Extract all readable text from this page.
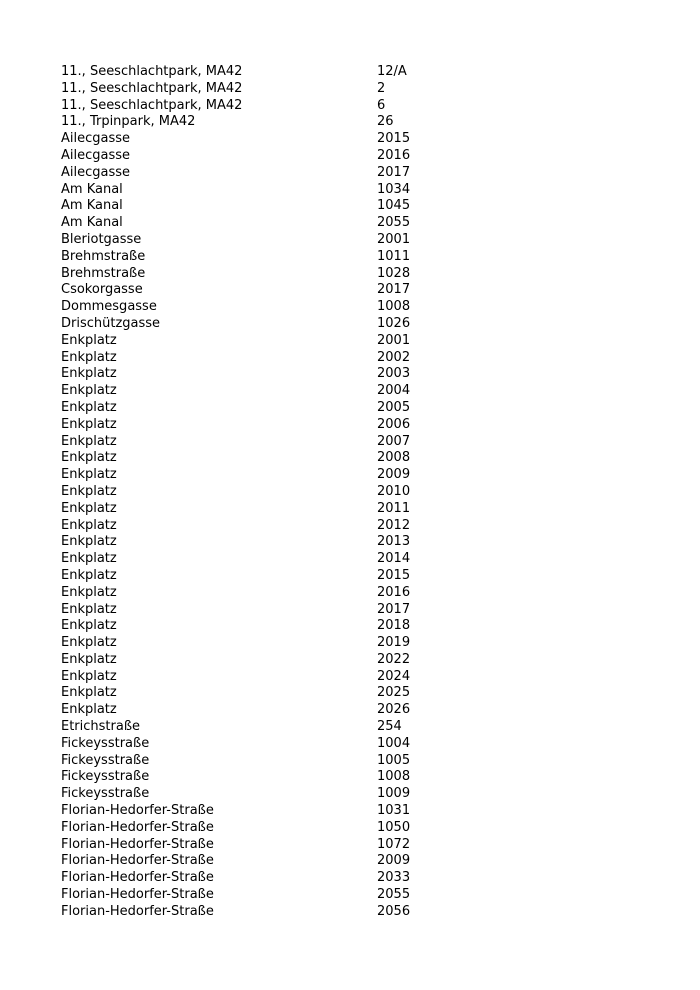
11., Seeschlachtpark, MA42	12/A
11., Seeschlachtpark, MA42	2
11., Seeschlachtpark, MA42	6
11., Trpinpark, MA42	26
Ailecgasse	2015
Ailecgasse	2016
Ailecgasse	2017
Am Kanal	1034
Am Kanal	1045
Am Kanal	2055
Bleriotgasse	2001
Brehmstraße	1011
Brehmstraße	1028
Csokorgasse	2017
Dommesgasse	1008
Drischützgasse	1026
Enkplatz	2001
Enkplatz	2002
Enkplatz	2003
Enkplatz	2004
Enkplatz	2005
Enkplatz	2006
Enkplatz	2007
Enkplatz	2008
Enkplatz	2009
Enkplatz	2010
Enkplatz	2011
Enkplatz	2012
Enkplatz	2013
Enkplatz	2014
Enkplatz	2015
Enkplatz	2016
Enkplatz	2017
Enkplatz	2018
Enkplatz	2019
Enkplatz	2022
Enkplatz	2024
Enkplatz	2025
Enkplatz	2026
Etrichstraße	254
Fickeysstraße	1004
Fickeysstraße	1005
Fickeysstraße	1008
Fickeysstraße	1009
Florian-Hedorfer-Straße	1031
Florian-Hedorfer-Straße	1050
Florian-Hedorfer-Straße	1072
Florian-Hedorfer-Straße	2009
Florian-Hedorfer-Straße	2033
Florian-Hedorfer-Straße	2055
Florian-Hedorfer-Straße	2056
